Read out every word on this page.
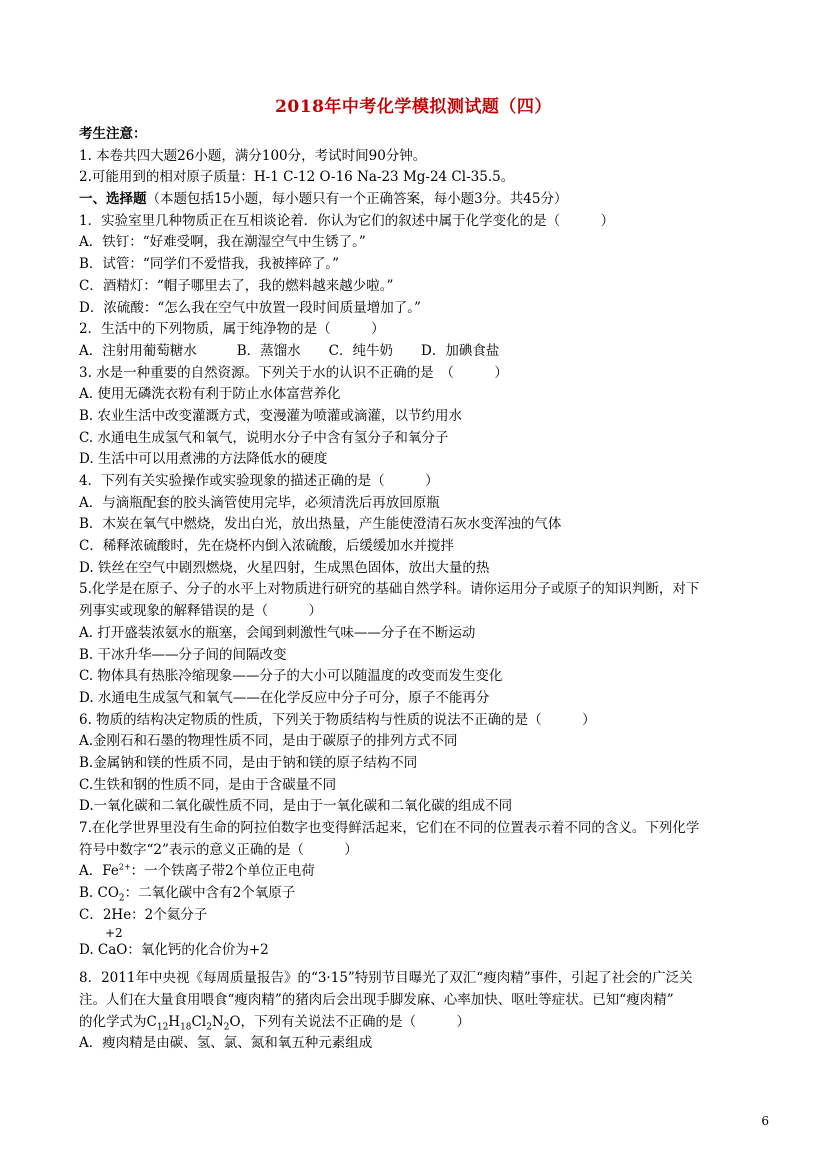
2018年中考化学模拟测试题（四）
考生注意：
1. 本卷共四大题26小题，满分100分，考试时间90分钟。
2.可能用到的相对原子质量：H-1 C-12 O-16 Na-23 Mg-24 Cl-35.5。
一、选择题（本题包括15小题，每小题只有一个正确答案，每小题3分。共45分）
1．实验室里几种物质正在互相谈论着．你认为它们的叙述中属于化学变化的是（　　　）
A．铁钉：“好难受啊，我在潮湿空气中生锈了。”
B．试管：“同学们不爱惜我，我被摔碎了。”
C．酒精灯：“帽子哪里去了，我的燃料越来越少啦。”
D．浓硫酸：“怎么我在空气中放置一段时间质量增加了。”
2．生活中的下列物质，属于纯净物的是（　　　）
A．注射用葡萄糖水	B．蒸馏水 C．纯牛奶 D．加碘食盐
3. 水是一种重要的自然资源。下列关于水的认识不正确的是　（　　　）
A. 使用无磷洗衣粉有利于防止水体富营养化
B. 农业生活中改变灌溉方式，变漫灌为喷灌或滴灌，以节约用水
C. 水通电生成氢气和氧气，说明水分子中含有氢分子和氧分子
D. 生活中可以用煮沸的方法降低水的硬度
4．下列有关实验操作或实验现象的描述正确的是（　　　）
A．与滴瓶配套的胶头滴管使用完毕，必须清洗后再放回原瓶
B．木炭在氧气中燃烧，发出白光，放出热量，产生能使澄清石灰水变浑浊的气体
C．稀释浓硫酸时，先在烧杯内倒入浓硫酸，后缓缓加水并搅拌
D. 铁丝在空气中剧烈燃烧，火星四射，生成黑色固体，放出大量的热
5.化学是在原子、分子的水平上对物质进行研究的基础自然学科。请你运用分子或原子的知识判断，对下
列事实或现象的解释错误的是（　　　）
A. 打开盛装浓氨水的瓶塞，会闻到刺激性气味——分子在不断运动
B. 干冰升华——分子间的间隔改变
C. 物体具有热胀冷缩现象——分子的大小可以随温度的改变而发生变化
D. 水通电生成氢气和氧气——在化学反应中分子可分，原子不能再分
6. 物质的结构决定物质的性质，下列关于物质结构与性质的说法不正确的是（　　　）
A.金刚石和石墨的物理性质不同，是由于碳原子的排列方式不同
B.金属钠和镁的性质不同，是由于钠和镁的原子结构不同
C.生铁和钢的性质不同，是由于含碳量不同
D.一氧化碳和二氧化碳性质不同，是由于一氧化碳和二氧化碳的组成不同
7.在化学世界里没有生命的阿拉伯数字也变得鲜活起来，它们在不同的位置表示着不同的含义。下列化学
符号中数字“2”表示的意义正确的是（　　　）
A．$Fe^{2+}$：一个铁离子带2个单位正电荷
B. $CO_2$：二氧化碳中含有2个氧原子
C．2He：2个氦分子
+2
D. CaO：氧化钙的化合价为+2
8．2011年中央视《每周质量报告》的“3·15”特别节目曝光了双汇“瘦肉精”事件，引起了社会的广泛关
注。人们在大量食用喂食“瘦肉精”的猪肉后会出现手脚发麻、心率加快、呕吐等症状。已知“瘦肉精”
的化学式为$C_{12}H_{18}Cl_2N_2O$，下列有关说法不正确的是（　　　）
A．瘦肉精是由碳、氢、氯、氮和氧五种元素组成
6
